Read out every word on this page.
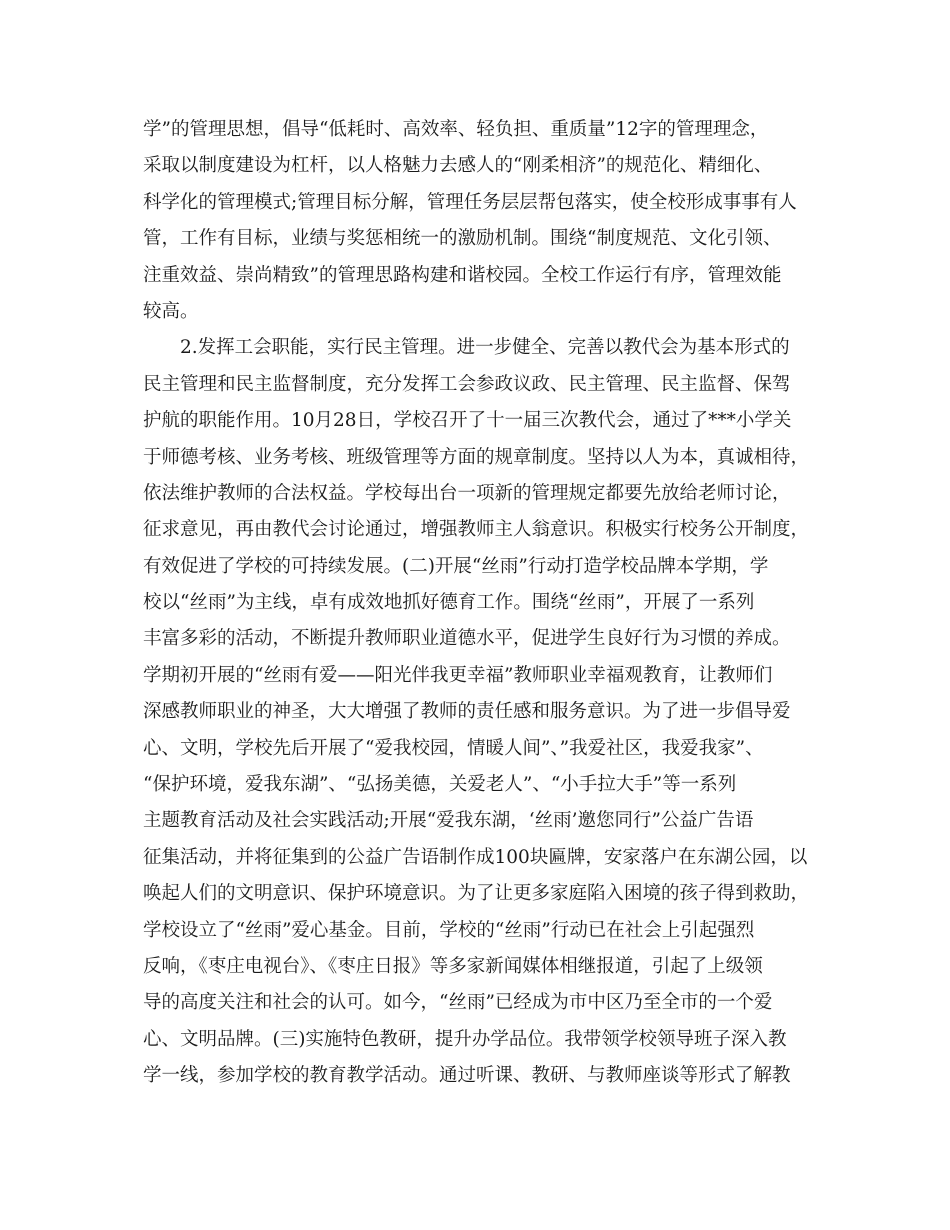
学”的管理思想，倡导“低耗时、高效率、轻负担、重质量”12字的管理理念，
采取以制度建设为杠杆，以人格魅力去感人的“刚柔相济”的规范化、精细化、
科学化的管理模式;管理目标分解，管理任务层层帮包落实，使全校形成事事有人
管，工作有目标，业绩与奖惩相统一的激励机制。围绕“制度规范、文化引领、
注重效益、崇尚精致”的管理思路构建和谐校园。全校工作运行有序，管理效能
较高。
　　2.发挥工会职能，实行民主管理。进一步健全、完善以教代会为基本形式的
民主管理和民主监督制度，充分发挥工会参政议政、民主管理、民主监督、保驾
护航的职能作用。10月28日，学校召开了十一届三次教代会，通过了***小学关
于师德考核、业务考核、班级管理等方面的规章制度。坚持以人为本，真诚相待，
依法维护教师的合法权益。学校每出台一项新的管理规定都要先放给老师讨论，
征求意见，再由教代会讨论通过，增强教师主人翁意识。积极实行校务公开制度，
有效促进了学校的可持续发展。(二)开展“丝雨”行动打造学校品牌本学期，学
校以“丝雨”为主线，卓有成效地抓好德育工作。围绕“丝雨”，开展了一系列
丰富多彩的活动，不断提升教师职业道德水平，促进学生良好行为习惯的养成。
学期初开展的“丝雨有爱——阳光伴我更幸福”教师职业幸福观教育，让教师们
深感教师职业的神圣，大大增强了教师的责任感和服务意识。为了进一步倡导爱
心、文明，学校先后开展了“爱我校园，情暖人间”、”我爱社区，我爱我家”、
“保护环境，爱我东湖”、“弘扬美德，关爱老人”、“小手拉大手”等一系列
主题教育活动及社会实践活动;开展“爱我东湖，‘丝雨’邀您同行”公益广告语
征集活动，并将征集到的公益广告语制作成100块匾牌，安家落户在东湖公园，以
唤起人们的文明意识、保护环境意识。为了让更多家庭陷入困境的孩子得到救助，
学校设立了“丝雨”爱心基金。目前，学校的“丝雨”行动已在社会上引起强烈
反响，《枣庄电视台》、《枣庄日报》等多家新闻媒体相继报道，引起了上级领
导的高度关注和社会的认可。如今，“丝雨”已经成为市中区乃至全市的一个爱
心、文明品牌。(三)实施特色教研，提升办学品位。我带领学校领导班子深入教
学一线，参加学校的教育教学活动。通过听课、教研、与教师座谈等形式了解教
